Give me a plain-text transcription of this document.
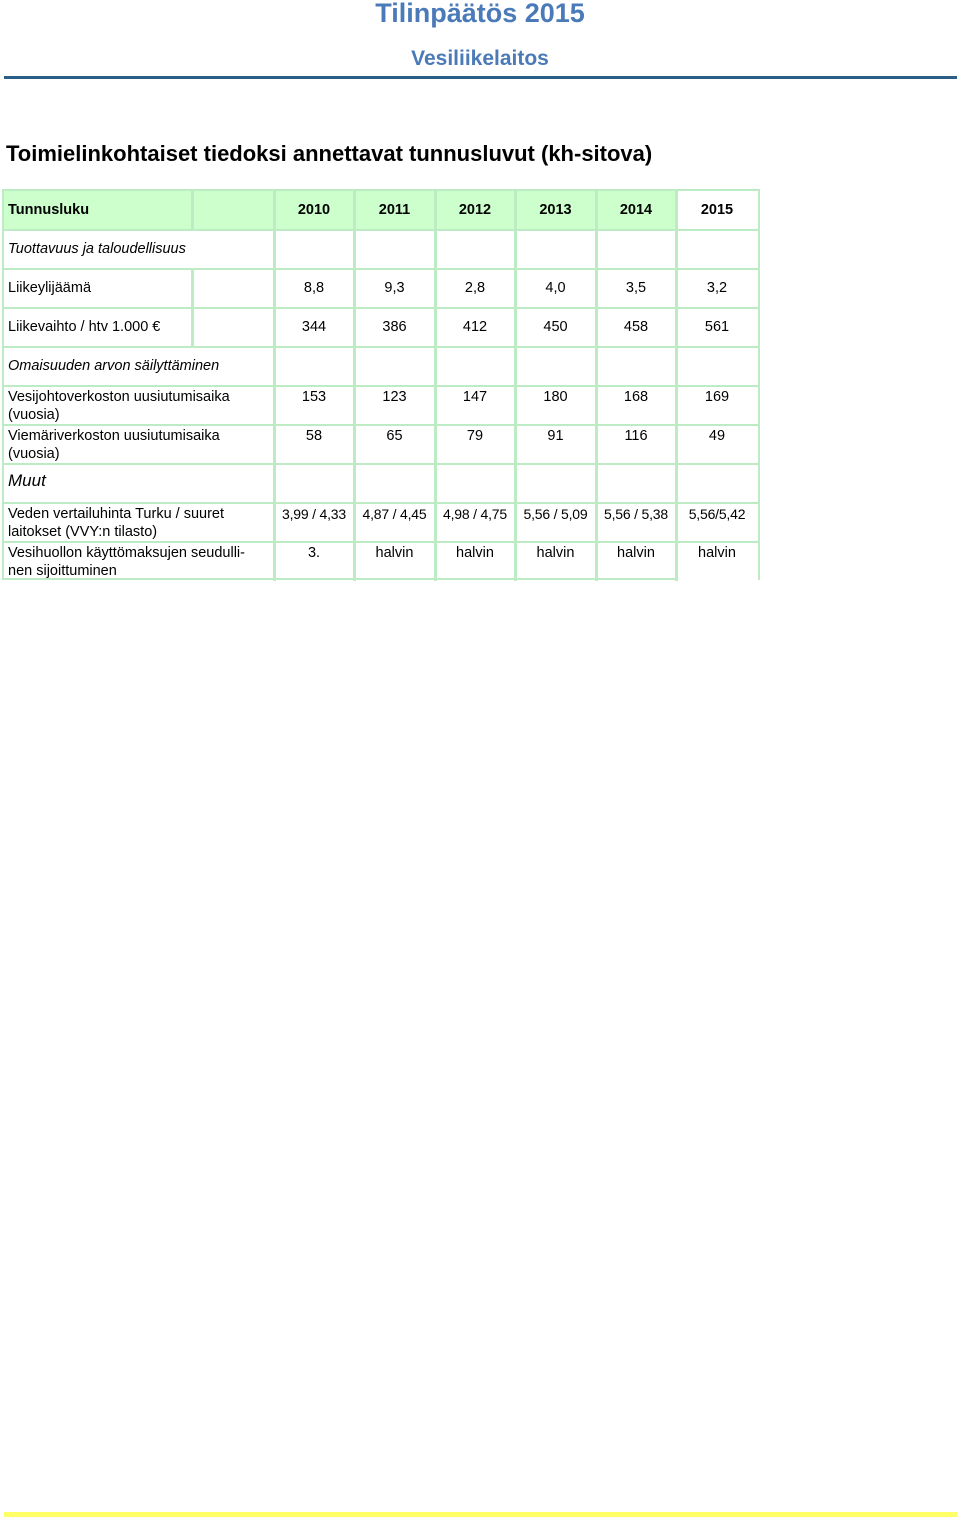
Tilinpäätös 2015
Vesiliikelaitos
Toimielinkohtaiset tiedoksi annettavat tunnusluvut (kh-sitova)
Tunnusluku	2010	2011	2012	2013	2014	2015
Tuottavuus ja taloudellisuus
Liikeylijäämä	8,8	9,3	2,8	4,0	3,5	3,2
Liikevaihto / htv 1.000 €	344	386	412	450	458	561
Omaisuuden arvon säilyttäminen
Vesijohtoverkoston uusiutumisaika
(vuosia)
153	123	147	180	168	169
Viemäriverkoston uusiutumisaika
(vuosia)
58	65	79	91	116	49
Muut
Veden vertailuhinta Turku / suuret
laitokset (VVY:n tilasto)
3,99 / 4,33	4,87 / 4,45	4,98 / 4,75	5,56 / 5,09	5,56 / 5,38	5,56/5,42
Vesihuollon käyttömaksujen seudulli-
nen sijoittuminen
3.	halvin	halvin	halvin	halvin	halvin
